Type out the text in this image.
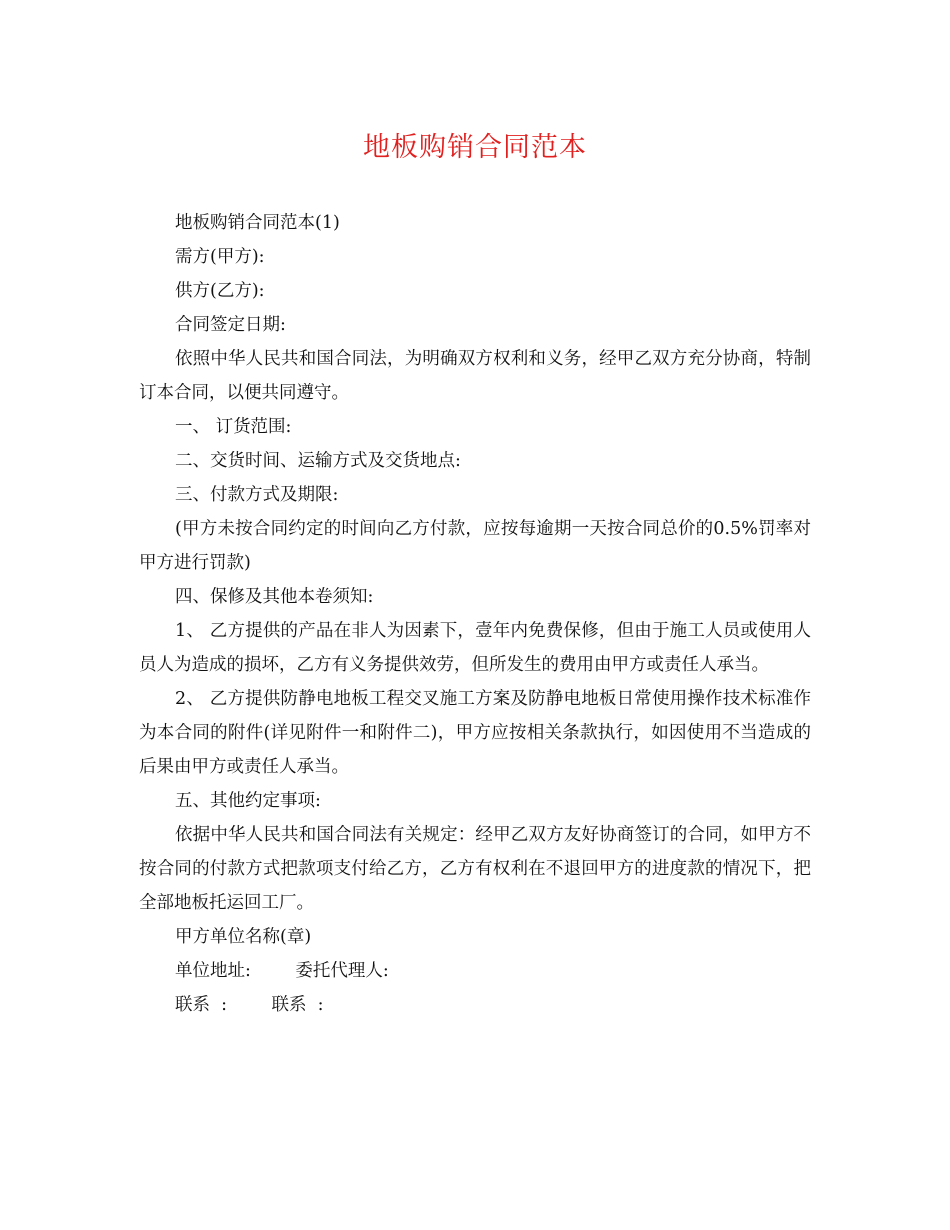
地板购销合同范本

地板购销合同范本(1)

需方(甲方):

供方(乙方):

合同签定日期:

依照中华人民共和国合同法，为明确双方权利和义务，经甲乙双方充分协商，特制订本合同，以便共同遵守。

一、 订货范围:

二、交货时间、运输方式及交货地点:

三、付款方式及期限:

(甲方未按合同约定的时间向乙方付款，应按每逾期一天按合同总价的0.5%罚率对甲方进行罚款)

四、保修及其他本卷须知:

1、 乙方提供的产品在非人为因素下，壹年内免费保修，但由于施工人员或使用人员人为造成的损坏，乙方有义务提供效劳，但所发生的费用由甲方或责任人承当。

2、 乙方提供防静电地板工程交叉施工方案及防静电地板日常使用操作技术标准作为本合同的附件(详见附件一和附件二)，甲方应按相关条款执行，如因使用不当造成的后果由甲方或责任人承当。

五、其他约定事项:

依据中华人民共和国合同法有关规定：经甲乙双方友好协商签订的合同，如甲方不按合同的付款方式把款项支付给乙方，乙方有权利在不退回甲方的进度款的情况下，把全部地板托运回工厂。

甲方单位名称(章)

单位地址:        委托代理人:

联系  :        联系  :
